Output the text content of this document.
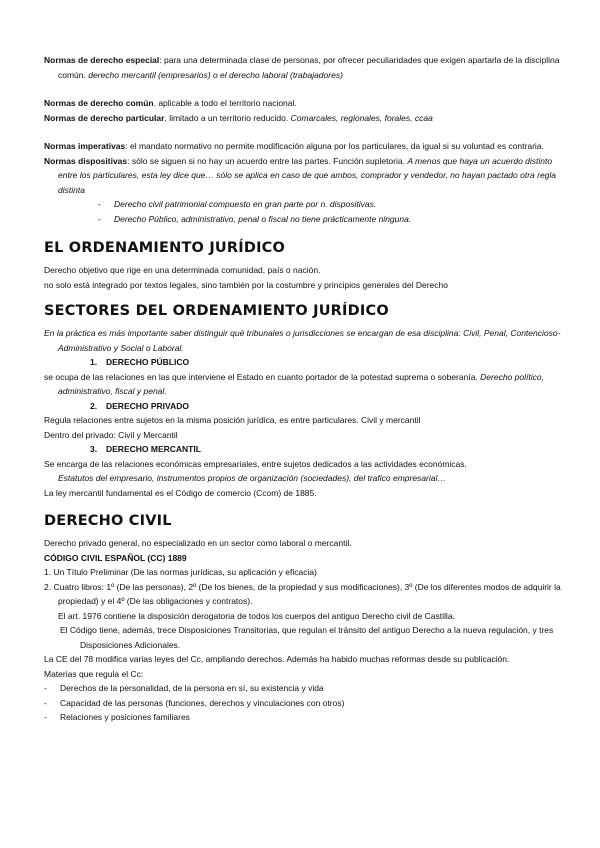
Normas de derecho especial: para una determinada clase de personas, por ofrecer peculiaridades que exigen apartarla de la disciplina común. derecho mercantil (empresarios) o el derecho laboral (trabajadores)

Normas de derecho común. aplicable a todo el territorio nacional.

Normas de derecho particular, limitado a un territorio reducido. Comarcales, regionales, forales, ccaa

Normas imperativas: el mandato normativo no permite modificación alguna por los particulares, da igual si su voluntad es contraria.

Normas dispositivas: sólo se siguen si no hay un acuerdo entre las partes. Función supletoria. A menos que haya un acuerdo distinto entre los particulares, esta ley dice que… sólo se aplica en caso de que ambos, comprador y vendedor, no hayan pactado otra regla distinta

-	Derecho civil patrimonial compuesto en gran parte por n. dispositivas.

-	Derecho Público, administrativo, penal o fiscal no tiene prácticamente ninguna.

EL ORDENAMIENTO JURÍDICO

Derecho objetivo que rige en una determinada comunidad, país o nación.

no solo está integrado por textos legales, sino también por la costumbre y principios generales del Derecho

SECTORES DEL ORDENAMIENTO JURÍDICO

En la práctica es más importante saber distinguir qué tribunales o jurisdicciones se encargan de esa disciplina: Civil, Penal, Contencioso-Administrativo y Social o Laboral.

1. DERECHO PÚBLICO

se ocupa de las relaciones en las que interviene el Estado en cuanto portador de la potestad suprema o soberanía. Derecho político, administrativo, fiscal y penal.

2. DERECHO PRIVADO

Regula relaciones entre sujetos en la misma posición jurídica, es entre particulares. Civil y mercantil

Dentro del privado: Civil y Mercantil

3. DERECHO MERCANTIL

Se encarga de las relaciones económicas empresariales, entre sujetos dedicados a las actividades económicas.

Estatutos del empresario, instrumentos propios de organización (sociedades), del trafico empresarial…

La ley mercantil fundamental es el Código de comercio (Ccom) de 1885.

DERECHO CIVIL

Derecho privado general, no especializado en un sector como laboral o mercantil.

CÓDIGO CIVIL ESPAÑOL (CC) 1889

1. Un Título Preliminar (De las normas jurídicas, su aplicación y eficacia)

2. Cuatro libros: 1º (De las personas), 2º (De los bienes, de la propiedad y sus modificaciones), 3º (De los diferentes modos de adquirir la propiedad) y el 4º (De las obligaciones y contratos).

El art. 1976 contiene la disposición derogatoria de todos los cuerpos del antiguo Derecho civil de Castilla.

El Código tiene, además, trece Disposiciones Transitorias, que regulan el tránsito del antiguo Derecho a la nueva regulación, y tres Disposiciones Adicionales.

La CE del 78 modifica varias leyes del Cc, ampliando derechos. Además ha habido muchas reformas desde su publicación.

Materias que regula el Cc:

- Derechos de la personalidad, de la persona en sí, su existencia y vida

- Capacidad de las personas (funciones, derechos y vinculaciones con otros)

- Relaciones y posiciones familiares
